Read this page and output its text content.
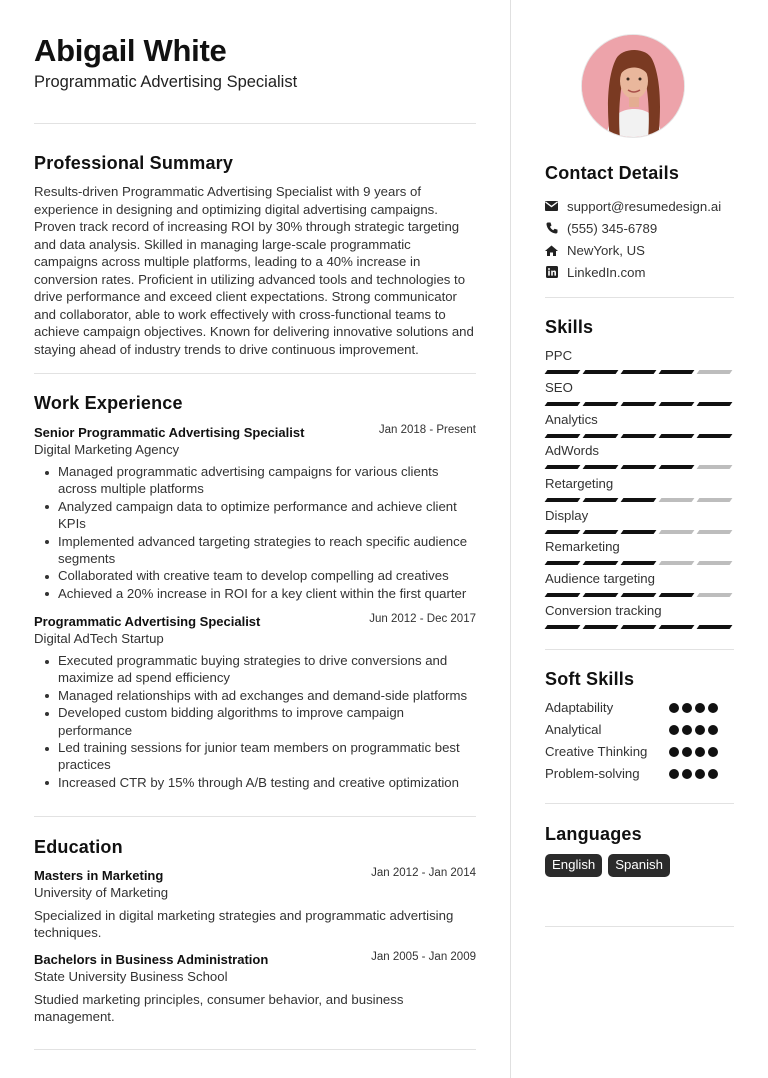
Abigail White
Programmatic Advertising Specialist
Professional Summary
Results-driven Programmatic Advertising Specialist with 9 years of experience in designing and optimizing digital advertising campaigns. Proven track record of increasing ROI by 30% through strategic targeting and data analysis. Skilled in managing large-scale programmatic campaigns across multiple platforms, leading to a 40% increase in conversion rates. Proficient in utilizing advanced tools and technologies to drive performance and exceed client expectations. Strong communicator and collaborator, able to work effectively with cross-functional teams to achieve campaign objectives. Known for delivering innovative solutions and staying ahead of industry trends to drive continuous improvement.
Work Experience
Senior Programmatic Advertising Specialist	Jan 2018 - Present
Digital Marketing Agency
Managed programmatic advertising campaigns for various clients across multiple platforms
Analyzed campaign data to optimize performance and achieve client KPIs
Implemented advanced targeting strategies to reach specific audience segments
Collaborated with creative team to develop compelling ad creatives
Achieved a 20% increase in ROI for a key client within the first quarter
Programmatic Advertising Specialist	Jun 2012 - Dec 2017
Digital AdTech Startup
Executed programmatic buying strategies to drive conversions and maximize ad spend efficiency
Managed relationships with ad exchanges and demand-side platforms
Developed custom bidding algorithms to improve campaign performance
Led training sessions for junior team members on programmatic best practices
Increased CTR by 15% through A/B testing and creative optimization
Education
Masters in Marketing	Jan 2012 - Jan 2014
University of Marketing
Specialized in digital marketing strategies and programmatic advertising techniques.
Bachelors in Business Administration	Jan 2005 - Jan 2009
State University Business School
Studied marketing principles, consumer behavior, and business management.
Contact Details
support@resumedesign.ai
(555) 345-6789
NewYork, US
LinkedIn.com
Skills
PPC
SEO
Analytics
AdWords
Retargeting
Display
Remarketing
Audience targeting
Conversion tracking
Soft Skills
Adaptability
Analytical
Creative Thinking
Problem-solving
Languages
English	Spanish
